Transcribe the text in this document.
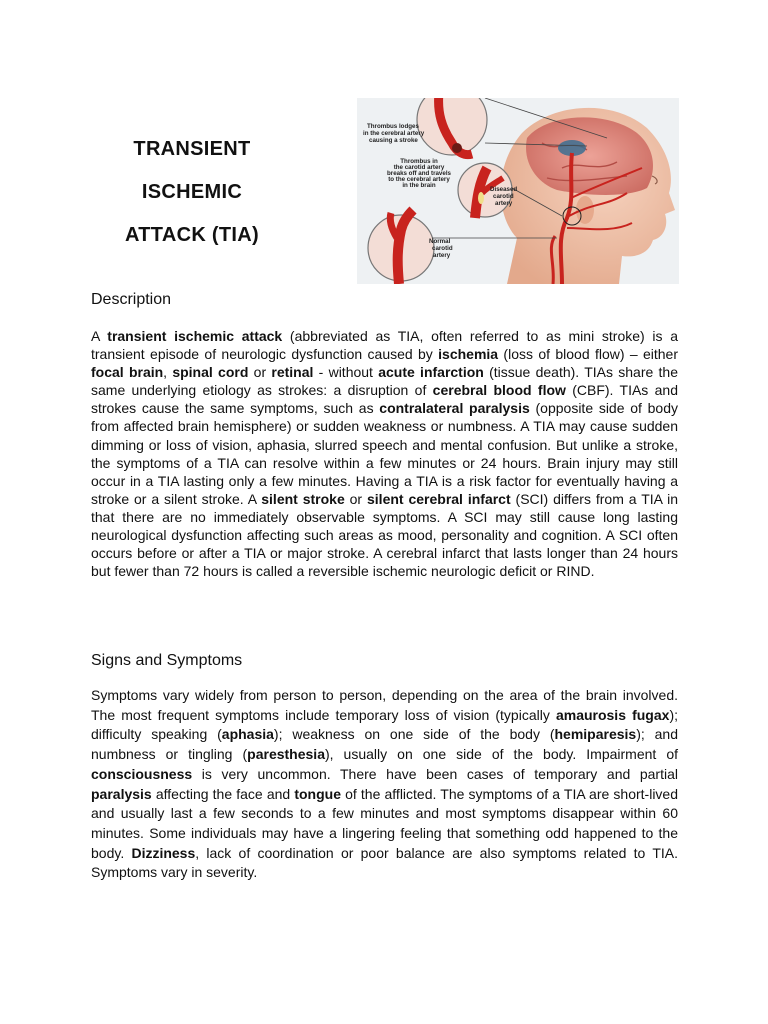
TRANSIENT
ISCHEMIC
ATTACK (TIA)
Thrombus lodges
in the cerebral artery
causing a stroke
Thrombus in
the carotid artery
breaks off and travels
to the cerebral artery
in the brain
Diseased
carotid
artery
Normal
carotid
artery
Description

A transient ischemic attack (abbreviated as TIA, often referred to as mini stroke) is a transient episode of neurologic dysfunction caused by ischemia (loss of blood flow) – either focal brain, spinal cord or retinal - without acute infarction (tissue death). TIAs share the same underlying etiology as strokes: a disruption of cerebral blood flow (CBF). TIAs and strokes cause the same symptoms, such as contralateral paralysis (opposite side of body from affected brain hemisphere) or sudden weakness or numbness. A TIA may cause sudden dimming or loss of vision, aphasia, slurred speech and mental confusion. But unlike a stroke, the symptoms of a TIA can resolve within a few minutes or 24 hours. Brain injury may still occur in a TIA lasting only a few minutes. Having a TIA is a risk factor for eventually having a stroke or a silent stroke. A silent stroke or silent cerebral infarct (SCI) differs from a TIA in that there are no immediately observable symptoms. A SCI may still cause long lasting neurological dysfunction affecting such areas as mood, personality and cognition. A SCI often occurs before or after a TIA or major stroke. A cerebral infarct that lasts longer than 24 hours but fewer than 72 hours is called a reversible ischemic neurologic deficit or RIND.

Signs and Symptoms

Symptoms vary widely from person to person, depending on the area of the brain involved. The most frequent symptoms include temporary loss of vision (typically amaurosis fugax); difficulty speaking (aphasia); weakness on one side of the body (hemiparesis); and numbness or tingling (paresthesia), usually on one side of the body. Impairment of consciousness is very uncommon. There have been cases of temporary and partial paralysis affecting the face and tongue of the afflicted. The symptoms of a TIA are short-lived and usually last a few seconds to a few minutes and most symptoms disappear within 60 minutes. Some individuals may have a lingering feeling that something odd happened to the body. Dizziness, lack of coordination or poor balance are also symptoms related to TIA. Symptoms vary in severity.
